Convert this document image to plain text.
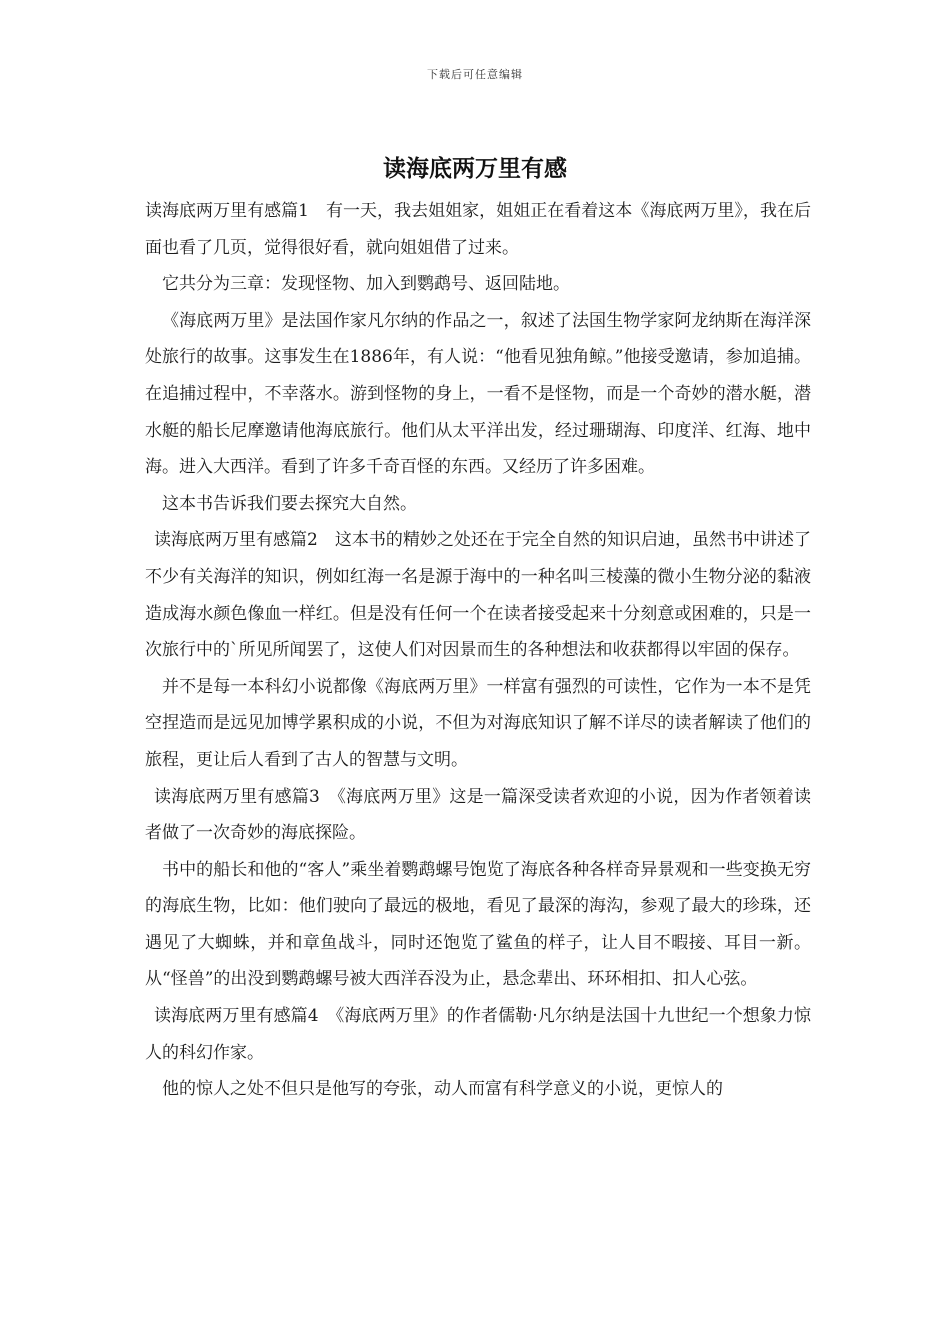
下载后可任意编辑
读海底两万里有感

读海底两万里有感篇1　有一天，我去姐姐家，姐姐正在看着这本《海底两万里》，我在后面也看了几页，觉得很好看，就向姐姐借了过来。

它共分为三章：发现怪物、加入到鹦鹉号、返回陆地。

《海底两万里》是法国作家凡尔纳的作品之一，叙述了法国生物学家阿龙纳斯在海洋深处旅行的故事。这事发生在1886年，有人说：“他看见独角鲸。”他接受邀请，参加追捕。在追捕过程中，不幸落水。游到怪物的身上，一看不是怪物，而是一个奇妙的潜水艇，潜水艇的船长尼摩邀请他海底旅行。他们从太平洋出发，经过珊瑚海、印度洋、红海、地中海。进入大西洋。看到了许多千奇百怪的东西。又经历了许多困难。

这本书告诉我们要去探究大自然。

读海底两万里有感篇2　这本书的精妙之处还在于完全自然的知识启迪，虽然书中讲述了不少有关海洋的知识，例如红海一名是源于海中的一种名叫三棱藻的微小生物分泌的黏液造成海水颜色像血一样红。但是没有任何一个在读者接受起来十分刻意或困难的，只是一次旅行中的`所见所闻罢了，这使人们对因景而生的各种想法和收获都得以牢固的保存。

并不是每一本科幻小说都像《海底两万里》一样富有强烈的可读性，它作为一本不是凭空捏造而是远见加博学累积成的小说，不但为对海底知识了解不详尽的读者解读了他们的旅程，更让后人看到了古人的智慧与文明。

读海底两万里有感篇3　《海底两万里》这是一篇深受读者欢迎的小说，因为作者领着读者做了一次奇妙的海底探险。

书中的船长和他的“客人”乘坐着鹦鹉螺号饱览了海底各种各样奇异景观和一些变换无穷的海底生物，比如：他们驶向了最远的极地，看见了最深的海沟，参观了最大的珍珠，还遇见了大蜘蛛，并和章鱼战斗，同时还饱览了鲨鱼的样子，让人目不暇接、耳目一新。从“怪兽”的出没到鹦鹉螺号被大西洋吞没为止，悬念辈出、环环相扣、扣人心弦。

读海底两万里有感篇4　《海底两万里》的作者儒勒·凡尔纳是法国十九世纪一个想象力惊人的科幻作家。

他的惊人之处不但只是他写的夸张，动人而富有科学意义的小说，更惊人的
